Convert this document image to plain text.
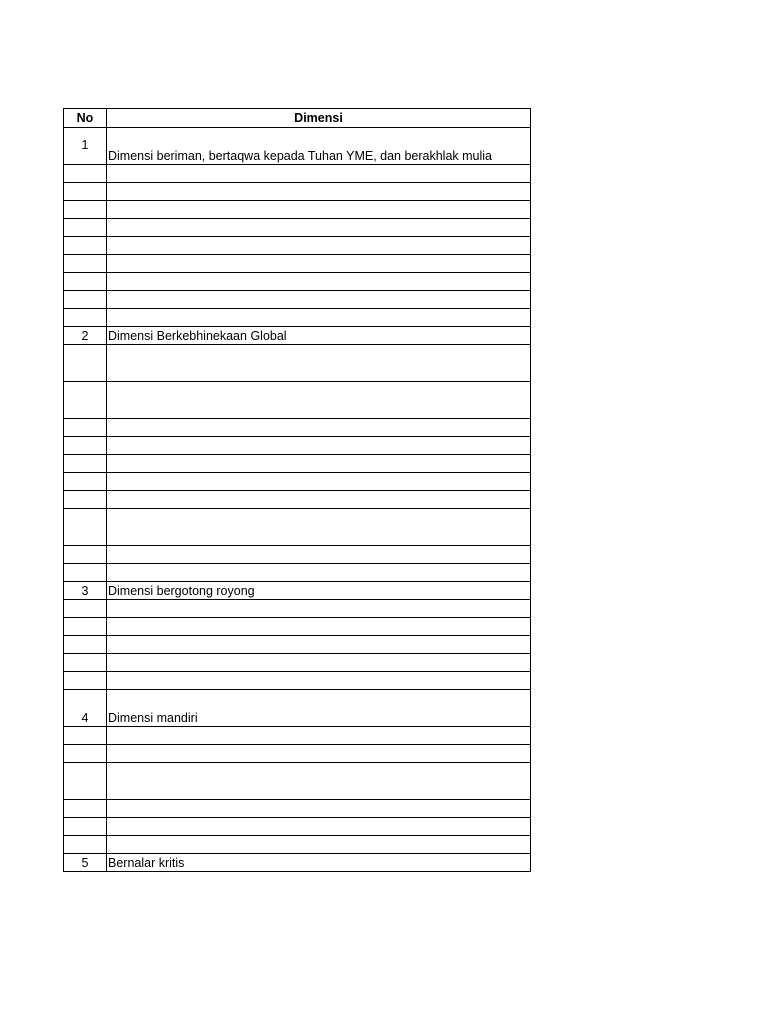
No	Dimensi
1	Dimensi beriman, bertaqwa kepada Tuhan YME, dan berakhlak mulia

2	Dimensi Berkebhinekaan Global

3	Dimensi bergotong royong

4	Dimensi mandiri

5	Bernalar kritis
